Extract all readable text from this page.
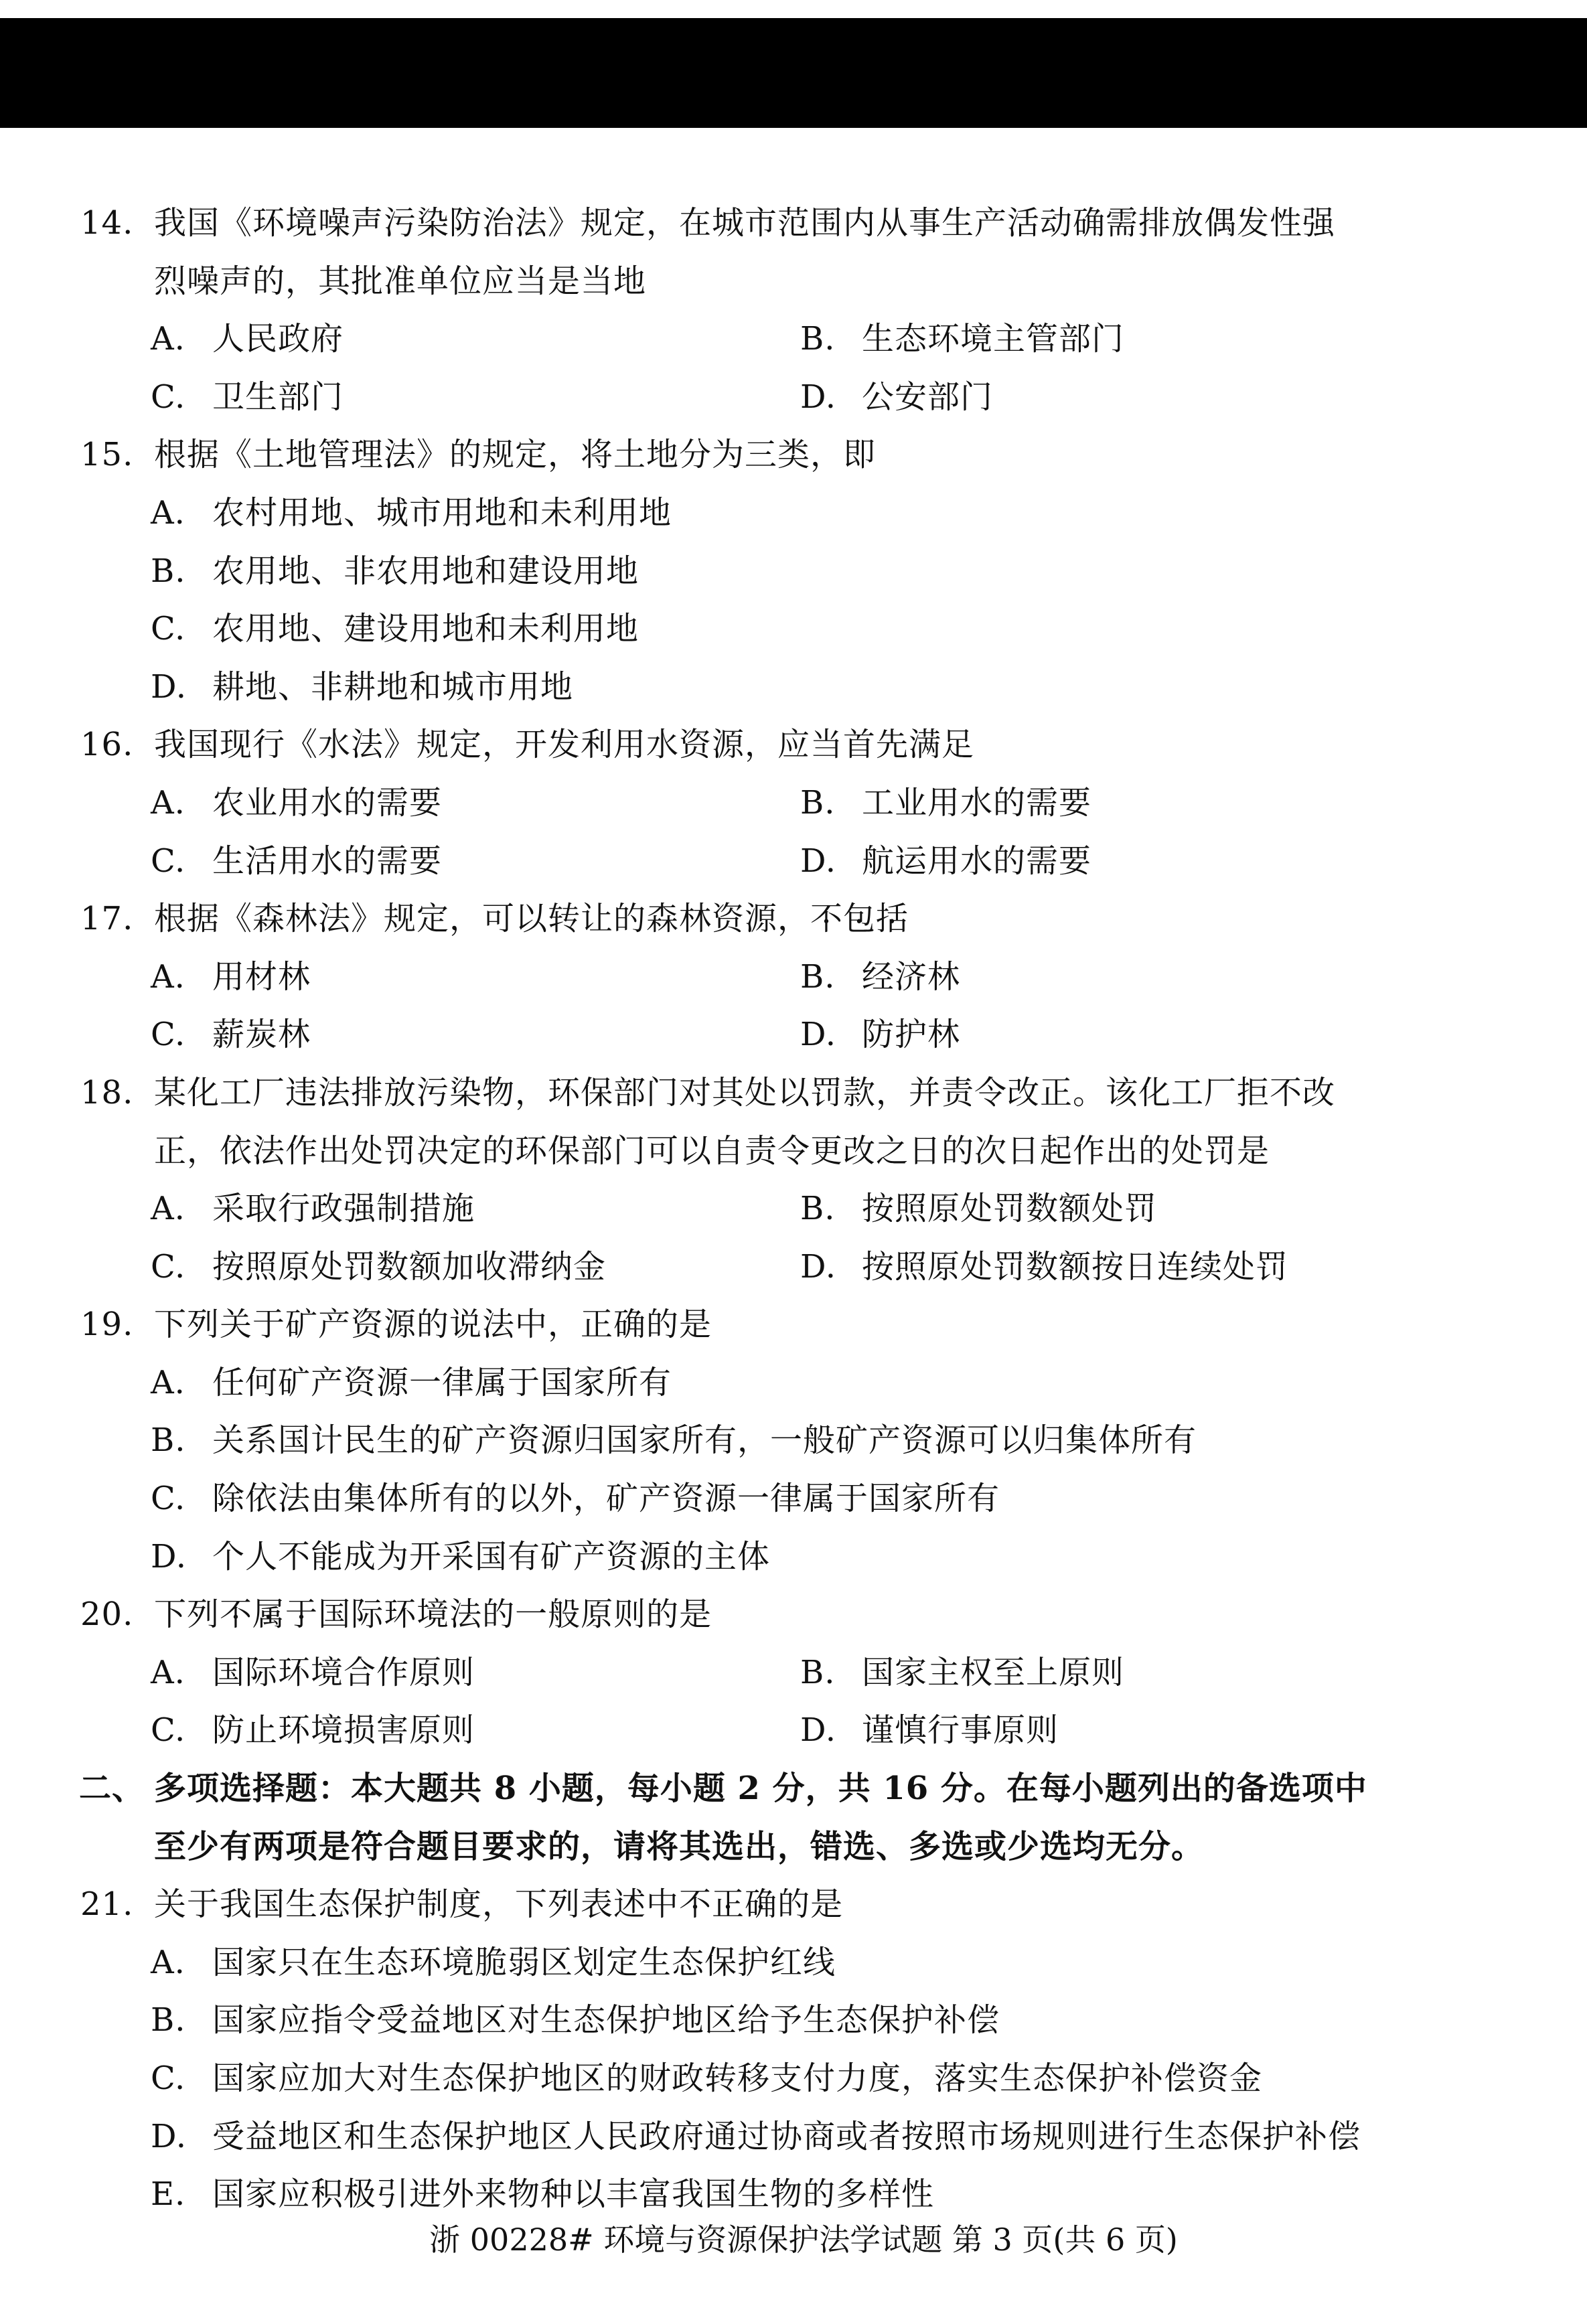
14. 我国《环境噪声污染防治法》规定，在城市范围内从事生产活动确需排放偶发性强
烈噪声的，其批准单位应当是当地
A. 人民政府	B. 生态环境主管部门
C. 卫生部门	D. 公安部门
15. 根据《土地管理法》的规定，将土地分为三类，即
A. 农村用地、城市用地和未利用地
B. 农用地、非农用地和建设用地
C. 农用地、建设用地和未利用地
D. 耕地、非耕地和城市用地
16. 我国现行《水法》规定，开发利用水资源，应当首先满足
A. 农业用水的需要	B. 工业用水的需要
C. 生活用水的需要	D. 航运用水的需要
17. 根据《森林法》规定，可以转让的森林资源，不 •包 •括 •
A. 用材林	B. 经济林
C. 薪炭林	D. 防护林
18. 某化工厂违法排放污染物，环保部门对其处以罚款，并责令改正。该化工厂拒不改
正，依法作出处罚决定的环保部门可以自责令更改之日的次日起作出的处罚是
A. 采取行政强制措施	B. 按照原处罚数额处罚
C. 按照原处罚数额加收滞纳金	D. 按照原处罚数额按日连续处罚
19. 下列关于矿产资源的说法中，正确的是
A. 任何矿产资源一律属于国家所有
B. 关系国计民生的矿产资源归国家所有，一般矿产资源可以归集体所有
C. 除依法由集体所有的以外，矿产资源一律属于国家所有
D. 个人不能成为开采国有矿产资源的主体
20. 下列不 •属 •于 •国际环境法的一般原则的是
A. 国际环境合作原则	B. 国家主权至上原则
C. 防止环境损害原则	D. 谨慎行事原则
二、 多项选择题：本大题共 8 小题，每小题 2 分，共 16 分。在每小题列出的备选项中
至少有两项是符合题目要求的，请将其选出，错选、多选或少选均无分。
21. 关于我国生态保护制度，下列表述中不 •正 •确 •的是
A. 国家只在生态环境脆弱区划定生态保护红线
B. 国家应指令受益地区对生态保护地区给予生态保护补偿
C. 国家应加大对生态保护地区的财政转移支付力度，落实生态保护补偿资金
D. 受益地区和生态保护地区人民政府通过协商或者按照市场规则进行生态保护补偿
E. 国家应积极引进外来物种以丰富我国生物的多样性
浙 00228# 环境与资源保护法学试题 第 3 页(共 6 页)
